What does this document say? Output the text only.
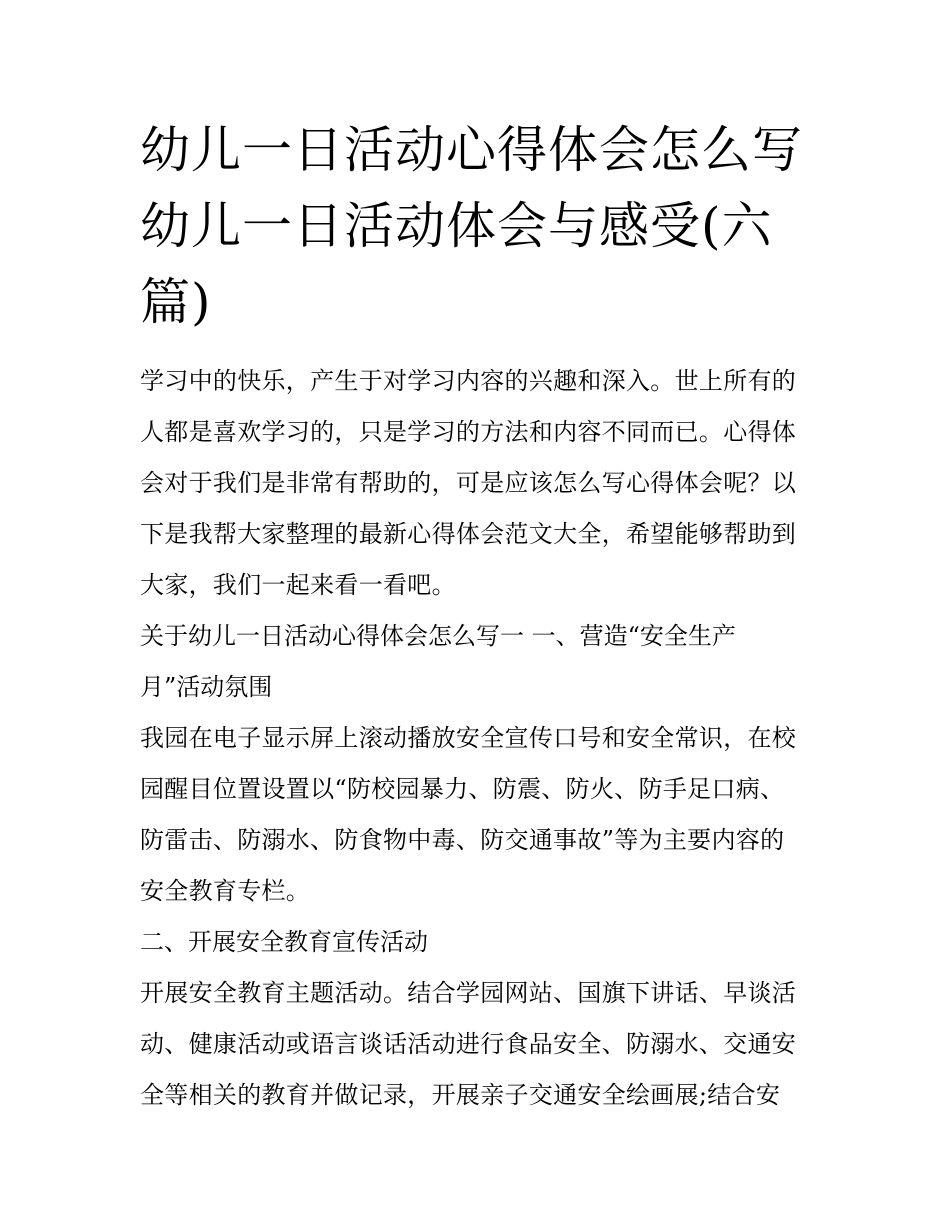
幼儿一日活动心得体会怎么写
幼儿一日活动体会与感受(六
篇)
学习中的快乐，产生于对学习内容的兴趣和深入。世上所有的
人都是喜欢学习的，只是学习的方法和内容不同而已。心得体
会对于我们是非常有帮助的，可是应该怎么写心得体会呢？以
下是我帮大家整理的最新心得体会范文大全，希望能够帮助到
大家，我们一起来看一看吧。
关于幼儿一日活动心得体会怎么写一 一、营造“安全生产
月”活动氛围
我园在电子显示屏上滚动播放安全宣传口号和安全常识，在校
园醒目位置设置以“防校园暴力、防震、防火、防手足口病、
防雷击、防溺水、防食物中毒、防交通事故”等为主要内容的
安全教育专栏。
二、开展安全教育宣传活动
开展安全教育主题活动。结合学园网站、国旗下讲话、早谈活
动、健康活动或语言谈话活动进行食品安全、防溺水、交通安
全等相关的教育并做记录，开展亲子交通安全绘画展;结合安
